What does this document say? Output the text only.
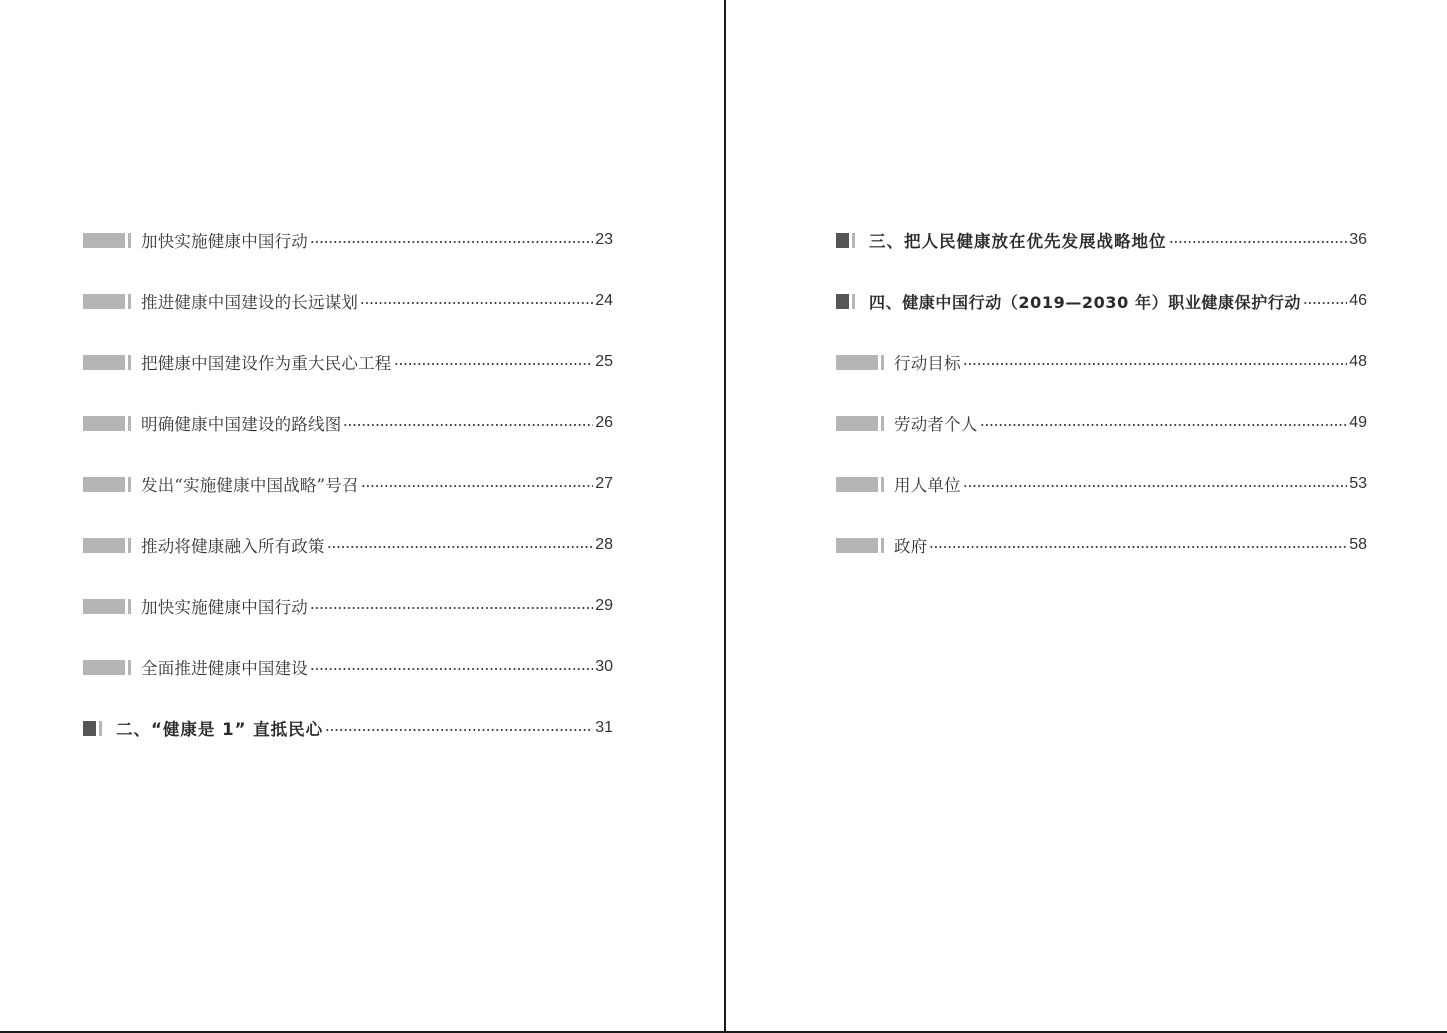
加快实施健康中国行动	23
推进健康中国建设的长远谋划	24
把健康中国建设作为重大民心工程	25
明确健康中国建设的路线图	26
发出“实施健康中国战略”号召	27
推动将健康融入所有政策	28
加快实施健康中国行动	29
全面推进健康中国建设	30
二、“健康是 1” 直抵民心	31
三、把人民健康放在优先发展战略地位	36
四、健康中国行动（2019—2030 年）职业健康保护行动	46
行动目标	48
劳动者个人	49
用人单位	53
政府	58
